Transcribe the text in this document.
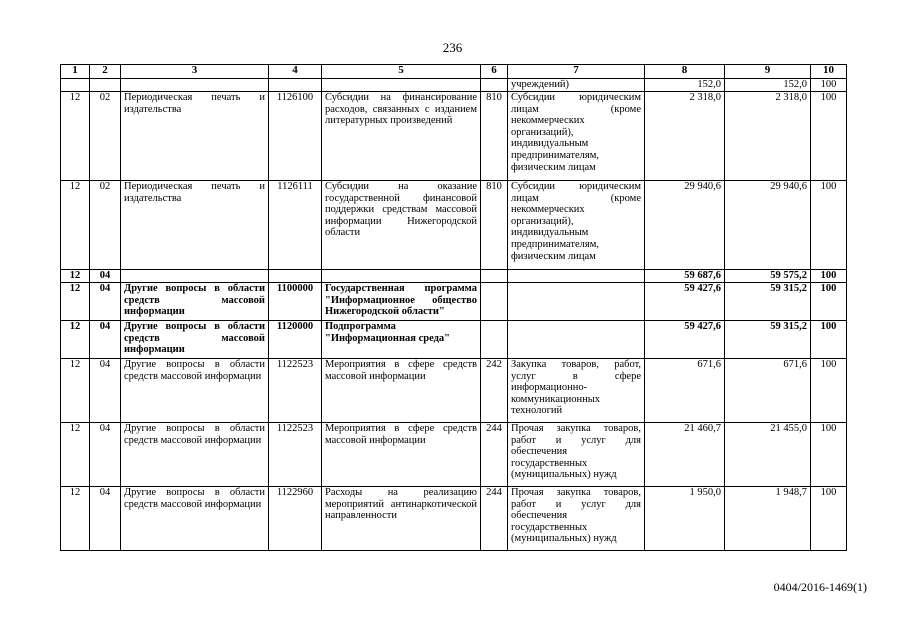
236
1	2	3	4	5	6	7	8	9	10
						учреждений)	152,0	152,0	100
12	02	Периодическая печать и издательства	1126100	Субсидии на финансирование расходов, связанных с изданием литературных произведений	810	Субсидии юридическим лицам (кроме некоммерческих организаций), индивидуальным предпринимателям, физическим лицам	2 318,0	2 318,0	100
12	02	Периодическая печать и издательства	1126111	Субсидии на оказание государственной финансовой поддержки средствам массовой информации Нижегородской области	810	Субсидии юридическим лицам (кроме некоммерческих организаций), индивидуальным предпринимателям, физическим лицам	29 940,6	29 940,6	100
12	04						59 687,6	59 575,2	100
12	04	Другие вопросы в области средств массовой информации	1100000	Государственная программа "Информационное общество Нижегородской области"			59 427,6	59 315,2	100
12	04	Другие вопросы в области средств массовой информации	1120000	Подпрограмма "Информационная среда"			59 427,6	59 315,2	100
12	04	Другие вопросы в области средств массовой информации	1122523	Мероприятия в сфере средств массовой информации	242	Закупка товаров, работ, услуг в сфере информационно-коммуникационных технологий	671,6	671,6	100
12	04	Другие вопросы в области средств массовой информации	1122523	Мероприятия в сфере средств массовой информации	244	Прочая закупка товаров, работ и услуг для обеспечения государственных (муниципальных) нужд	21 460,7	21 455,0	100
12	04	Другие вопросы в области средств массовой информации	1122960	Расходы на реализацию мероприятий антинаркотической направленности	244	Прочая закупка товаров, работ и услуг для обеспечения государственных (муниципальных) нужд	1 950,0	1 948,7	100
0404/2016-1469(1)
